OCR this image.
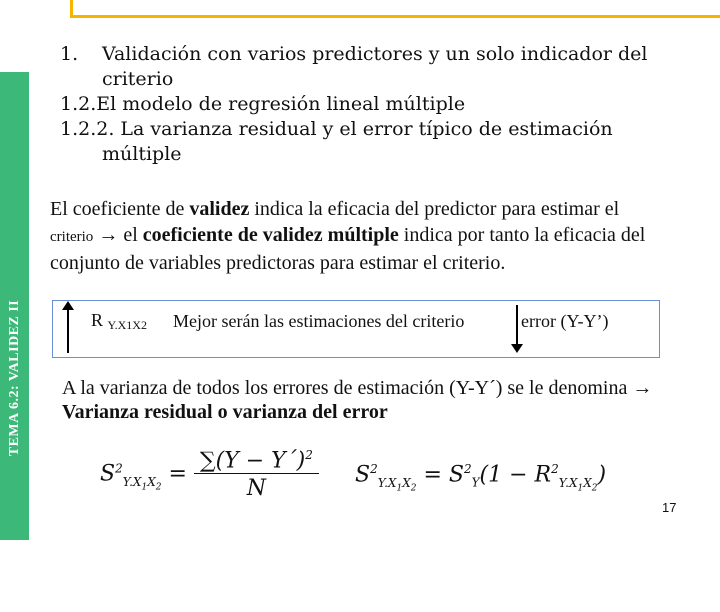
TEMA 6.2: VALIDEZ II
1.	Validación con varios predictores y un solo indicador del
criterio
1.2.El modelo de regresión lineal múltiple
1.2.2. La varianza residual y el error típico de estimación
múltiple
El coeficiente de validez indica la eficacia del predictor para estimar el
criterio → el coeficiente de validez múltiple indica por tanto la eficacia del conjunto de variables predictoras para estimar el criterio.
R $_{Y.X1X2}$ Mejor serán las estimaciones del criterio	error (Y-Y’)
A la varianza de todos los errores de estimación (Y-Y´) se le denomina → Varianza residual o varianza del error
$S^2_{Y.X_1X_2} = \frac{\sum(Y - Y´)^2}{N} S^2_{Y.X_1X_2} = S^2_Y(1 - R^2_{Y.X_1X_2})$
17
